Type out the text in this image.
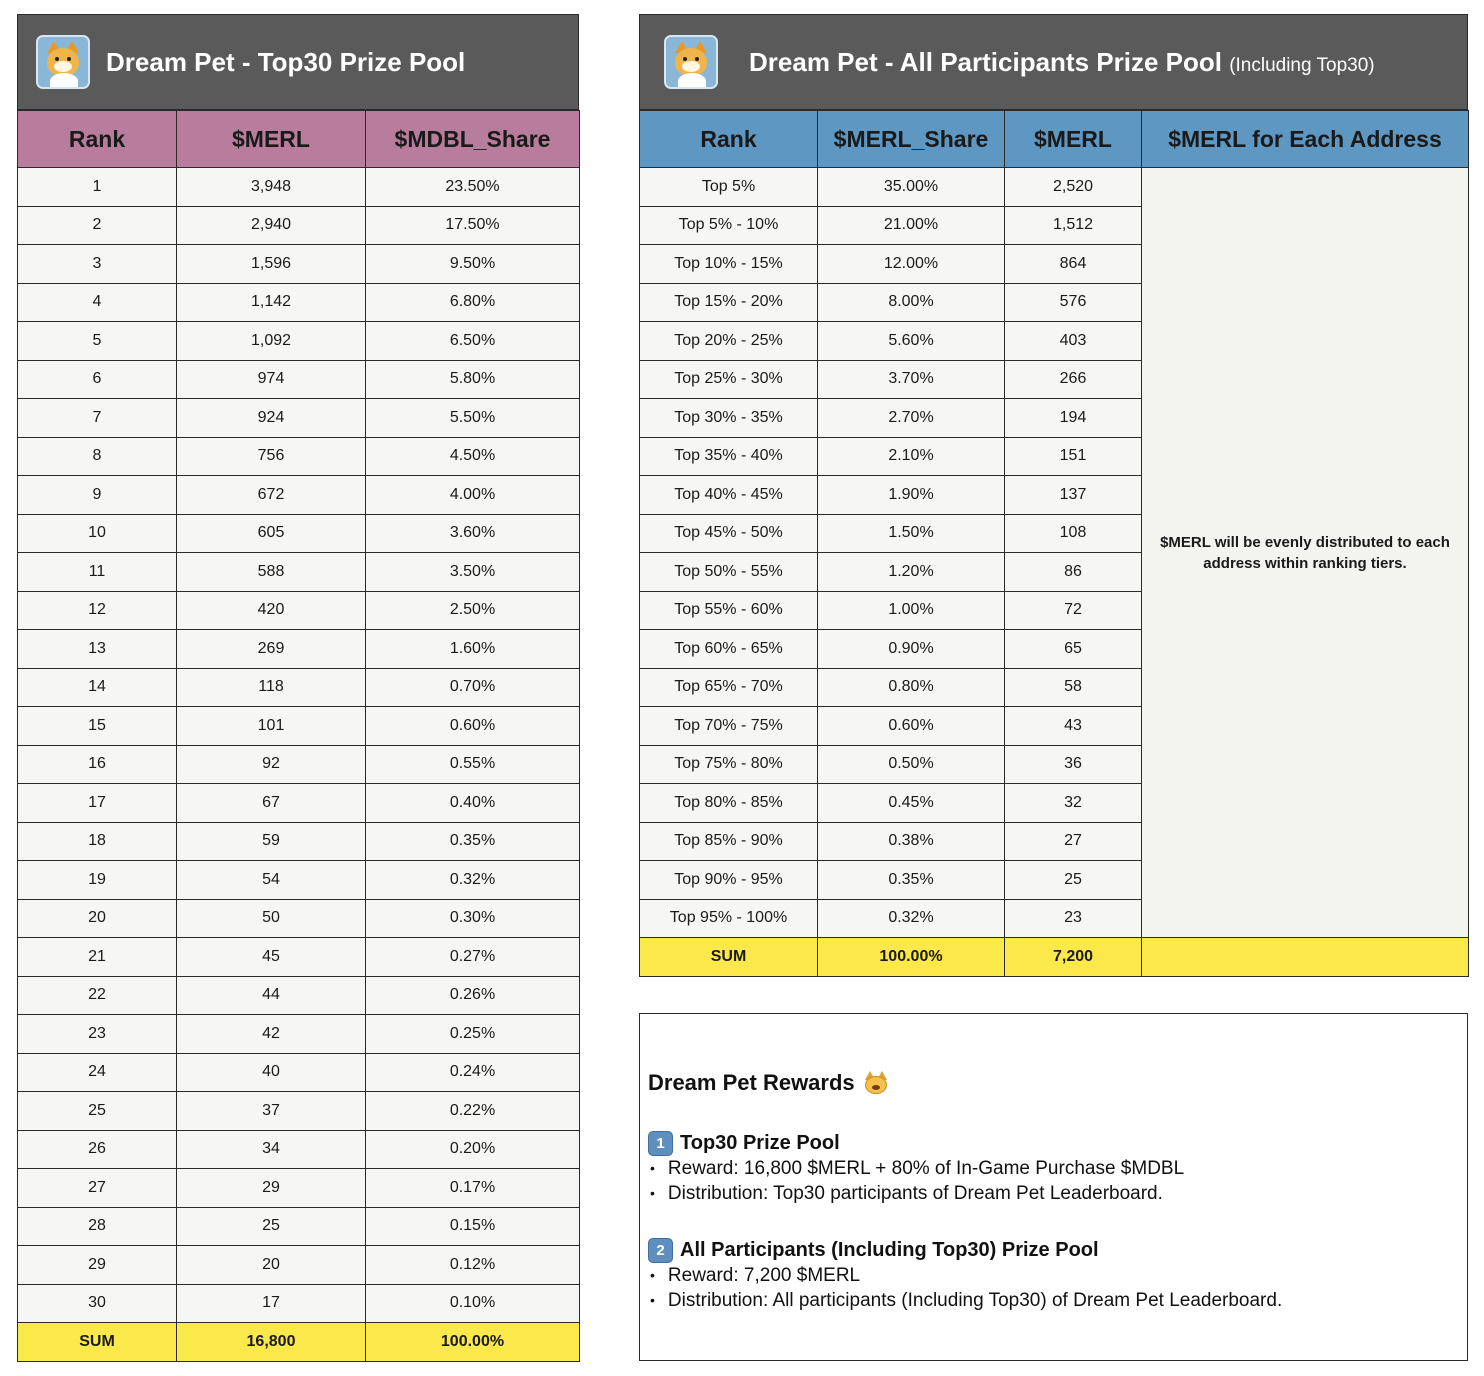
Dream Pet - Top30 Prize Pool
Rank	$MERL	$MDBL_Share
1	3,948	23.50%
2	2,940	17.50%
3	1,596	9.50%
4	1,142	6.80%
5	1,092	6.50%
6	974	5.80%
7	924	5.50%
8	756	4.50%
9	672	4.00%
10	605	3.60%
11	588	3.50%
12	420	2.50%
13	269	1.60%
14	118	0.70%
15	101	0.60%
16	92	0.55%
17	67	0.40%
18	59	0.35%
19	54	0.32%
20	50	0.30%
21	45	0.27%
22	44	0.26%
23	42	0.25%
24	40	0.24%
25	37	0.22%
26	34	0.20%
27	29	0.17%
28	25	0.15%
29	20	0.12%
30	17	0.10%
SUM	16,800	100.00%
Dream Pet - All Participants Prize Pool (Including Top30)
Rank	$MERL_Share	$MERL	$MERL for Each Address
Top 5%	35.00%	2,520	$MERL will be evenly distributed to each address within ranking tiers.
Top 5% - 10%	21.00%	1,512	
Top 10% - 15%	12.00%	864	
Top 15% - 20%	8.00%	576	
Top 20% - 25%	5.60%	403	
Top 25% - 30%	3.70%	266	
Top 30% - 35%	2.70%	194	
Top 35% - 40%	2.10%	151	
Top 40% - 45%	1.90%	137	
Top 45% - 50%	1.50%	108	
Top 50% - 55%	1.20%	86	
Top 55% - 60%	1.00%	72	
Top 60% - 65%	0.90%	65	
Top 65% - 70%	0.80%	58	
Top 70% - 75%	0.60%	43	
Top 75% - 80%	0.50%	36	
Top 80% - 85%	0.45%	32	
Top 85% - 90%	0.38%	27	
Top 90% - 95%	0.35%	25	
Top 95% - 100%	0.32%	23	
SUM	100.00%	7,200	
Dream Pet Rewards
1 Top30 Prize Pool
• Reward: 16,800 $MERL + 80% of In-Game Purchase $MDBL
• Distribution: Top30 participants of Dream Pet Leaderboard.
2 All Participants (Including Top30) Prize Pool
• Reward: 7,200 $MERL
• Distribution: All participants (Including Top30) of Dream Pet Leaderboard.
